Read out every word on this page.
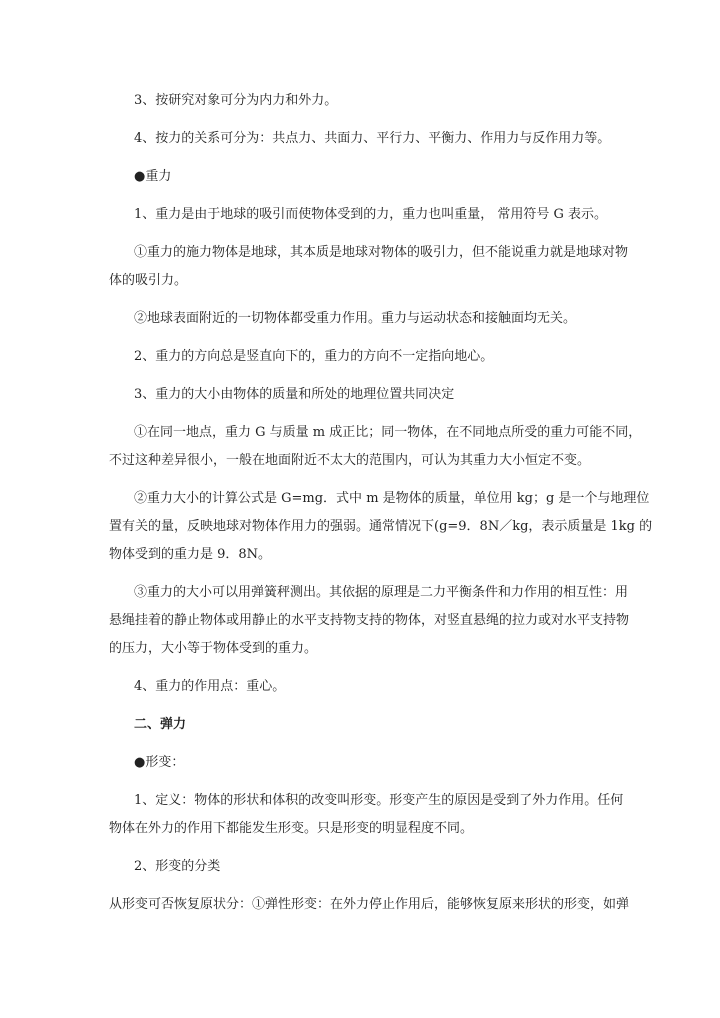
3、按研究对象可分为内力和外力。
4、按力的关系可分为：共点力、共面力、平行力、平衡力、作用力与反作用力等。
●重力
1、重力是由于地球的吸引而使物体受到的力，重力也叫重量， 常用符号 G 表示。
①重力的施力物体是地球，其本质是地球对物体的吸引力，但不能说重力就是地球对物
体的吸引力。
②地球表面附近的一切物体都受重力作用。重力与运动状态和接触面均无关。
2、重力的方向总是竖直向下的，重力的方向不一定指向地心。
3、重力的大小由物体的质量和所处的地理位置共同决定
①在同一地点，重力 G 与质量 m 成正比；同一物体，在不同地点所受的重力可能不同，
不过这种差异很小，一般在地面附近不太大的范围内，可认为其重力大小恒定不变。
②重力大小的计算公式是 G=mg．式中 m 是物体的质量，单位用 kg；g 是一个与地理位
置有关的量，反映地球对物体作用力的强弱。通常情况下(g=9．8N／kg，表示质量是 1kg 的
物体受到的重力是 9．8N。
③重力的大小可以用弹簧秤测出。其依据的原理是二力平衡条件和力作用的相互性：用
悬绳挂着的静止物体或用静止的水平支持物支持的物体，对竖直悬绳的拉力或对水平支持物
的压力，大小等于物体受到的重力。
4、重力的作用点：重心。
二、弹力
●形变：
1、定义：物体的形状和体积的改变叫形变。形变产生的原因是受到了外力作用。任何
物体在外力的作用下都能发生形变。只是形变的明显程度不同。
2、形变的分类
从形变可否恢复原状分：①弹性形变：在外力停止作用后，能够恢复原来形状的形变，如弹
